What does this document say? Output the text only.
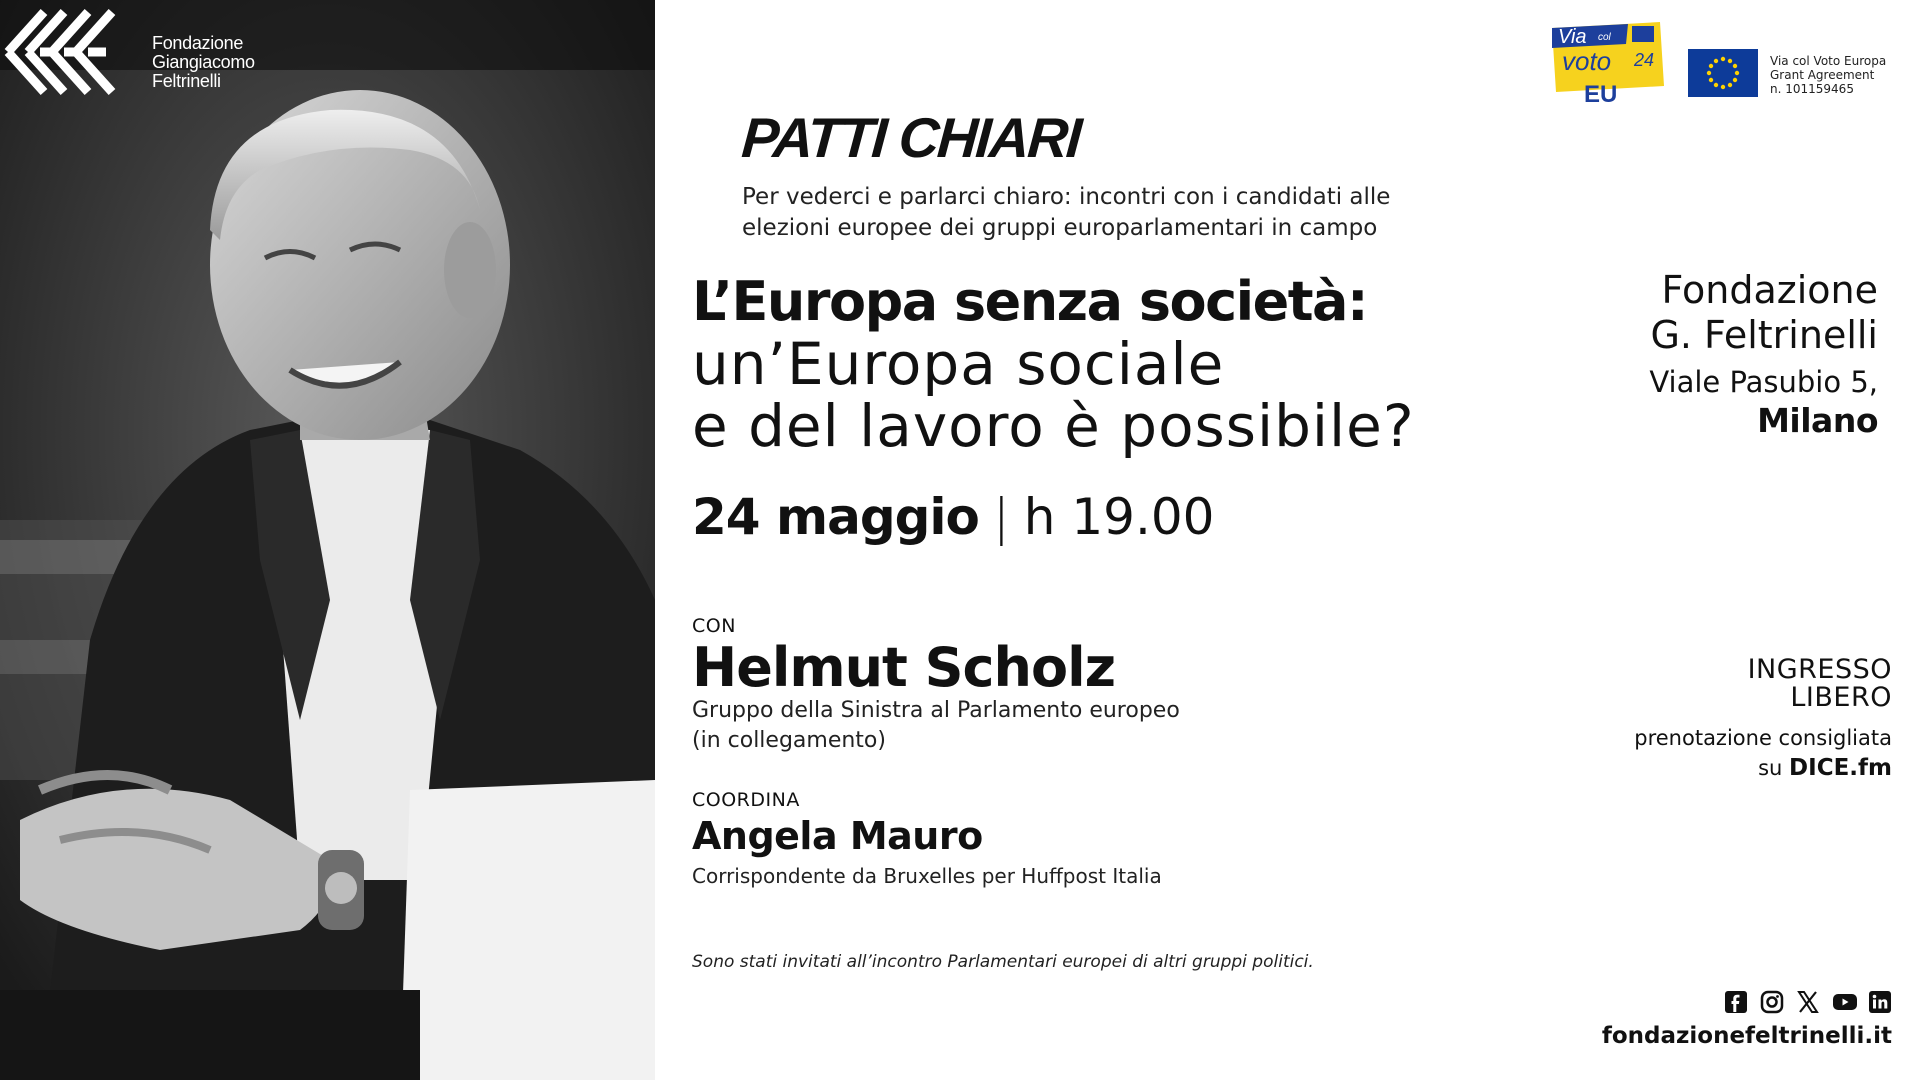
Fondazione
Giangiacomo
Feltrinelli
Via col
voto 24
EU
Via col Voto Europa
Grant Agreement
n. 101159465
PATTI CHIARI
Per vederci e parlarci chiaro: incontri con i candidati alle
elezioni europee dei gruppi europarlamentari in campo
L’Europa senza società:
un’Europa sociale
e del lavoro è possibile?
24 maggio | h 19.00
CON
Helmut Scholz
Gruppo della Sinistra al Parlamento europeo
(in collegamento)
COORDINA
Angela Mauro
Corrispondente da Bruxelles per Huffpost Italia
Sono stati invitati all’incontro Parlamentari europei di altri gruppi politici.
Fondazione
G. Feltrinelli
Viale Pasubio 5,
Milano
INGRESSO
LIBERO
prenotazione consigliata
su DICE.fm
fondazionefeltrinelli.it
